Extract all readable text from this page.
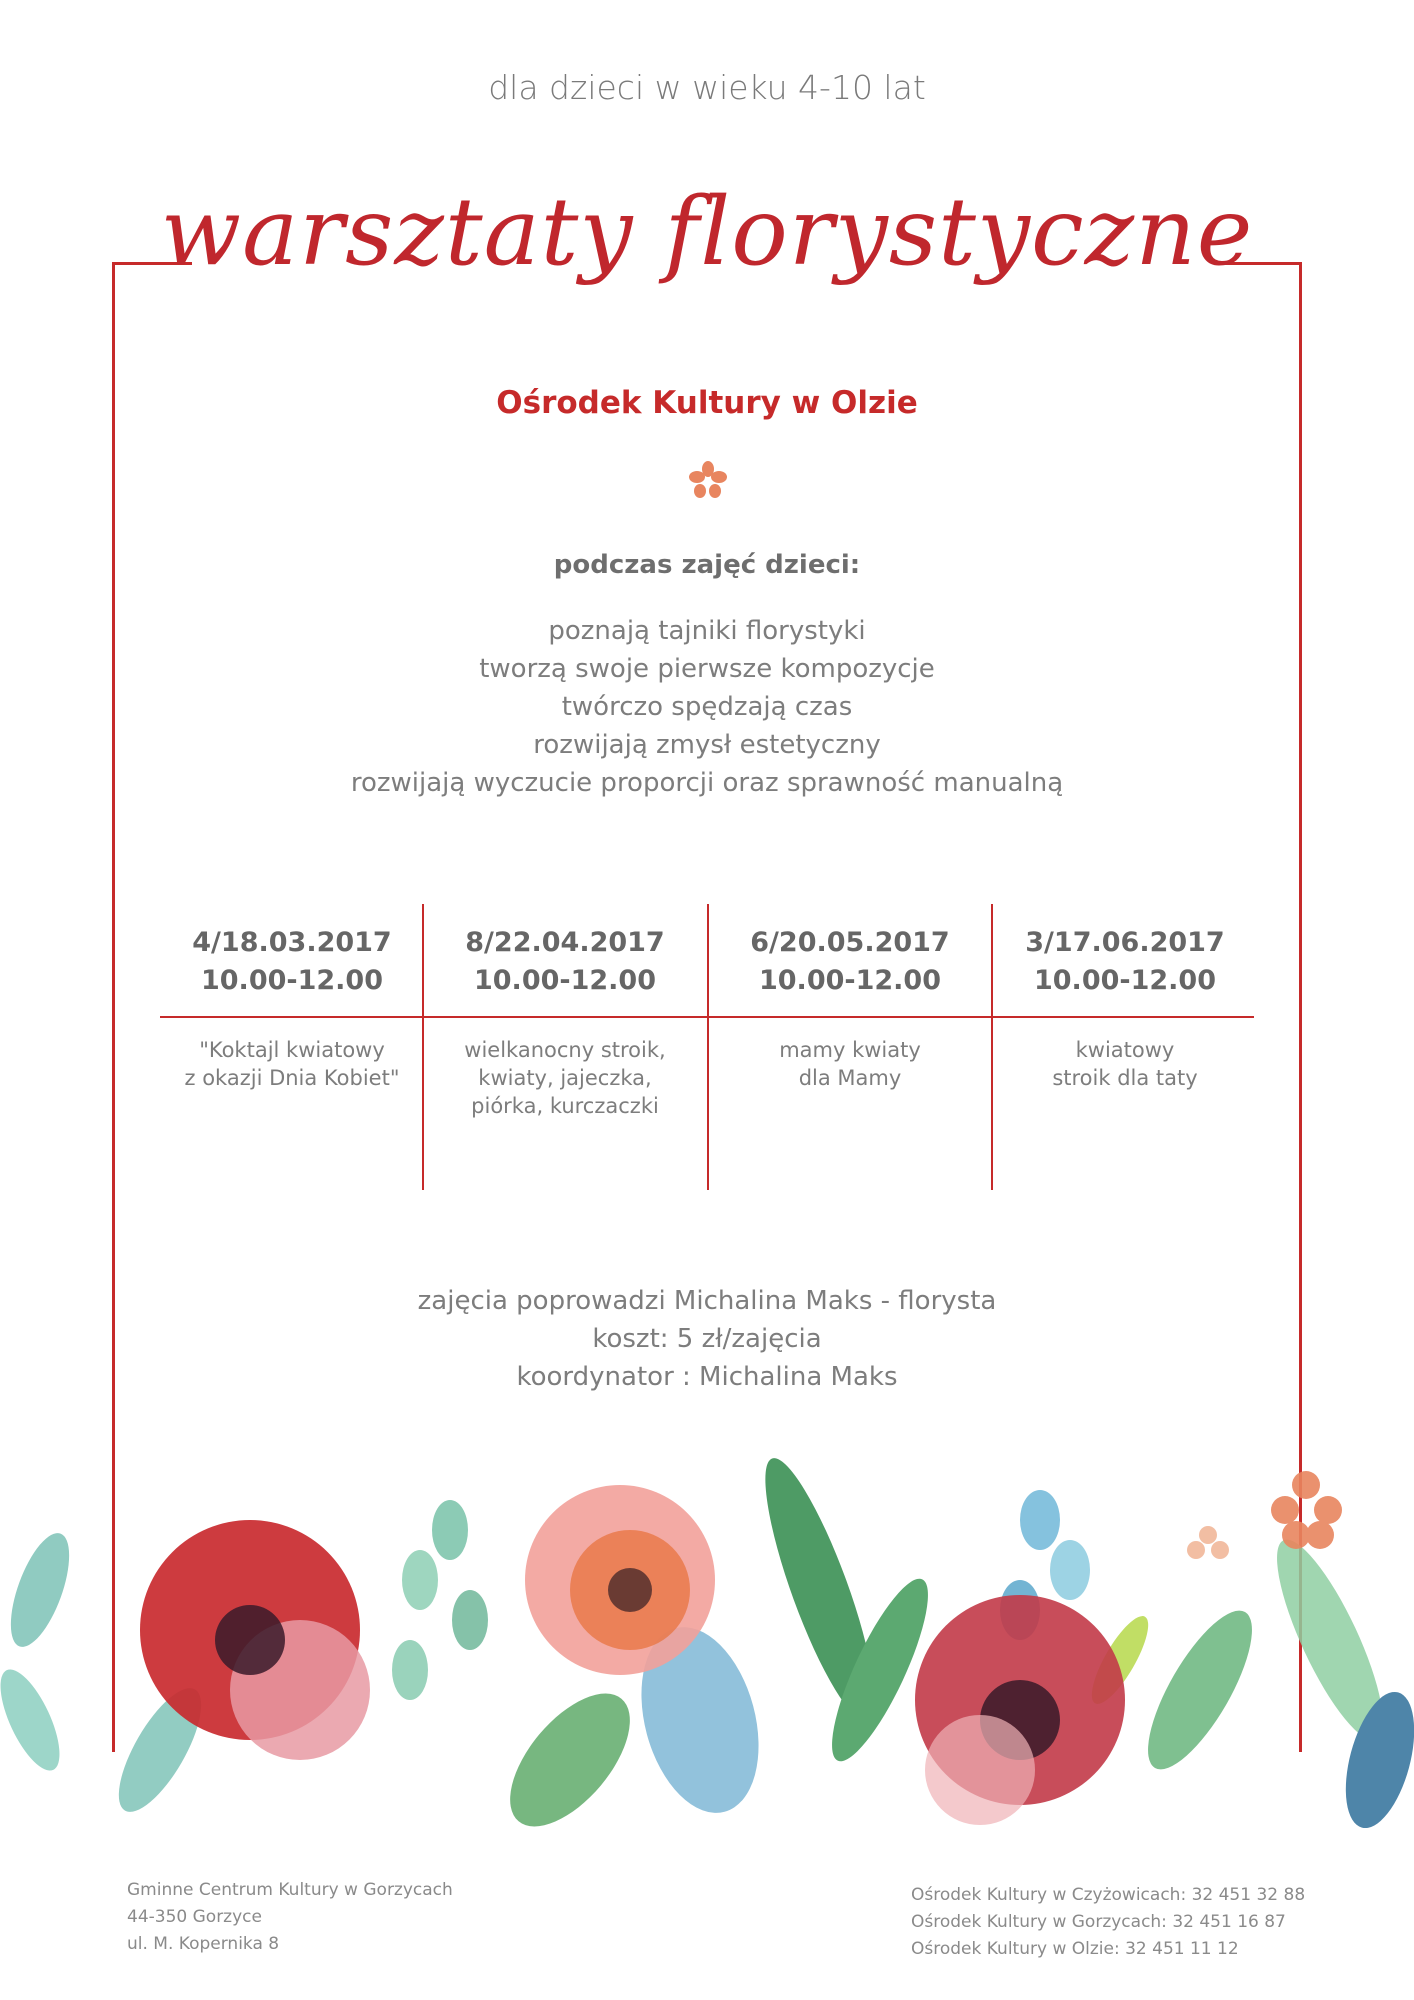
dla dzieci w wieku 4-10 lat
warsztaty florystyczne
Ośrodek Kultury w Olzie
podczas zajęć dzieci:
poznają tajniki florystyki
tworzą swoje pierwsze kompozycje
twórczo spędzają czas
rozwijają zmysł estetyczny
rozwijają wyczucie proporcji oraz sprawność manualną
4/18.03.2017
10.00-12.00
"Koktajl kwiatowy
z okazji Dnia Kobiet"
8/22.04.2017
10.00-12.00
wielkanocny stroik,
kwiaty, jajeczka,
piórka, kurczaczki
6/20.05.2017
10.00-12.00
mamy kwiaty
dla Mamy
3/17.06.2017
10.00-12.00
kwiatowy
stroik dla taty
zajęcia poprowadzi Michalina Maks - florysta
koszt: 5 zł/zajęcia
koordynator : Michalina Maks
Gminne Centrum Kultury w Gorzycach
44-350 Gorzyce
ul. M. Kopernika 8
Ośrodek Kultury w Czyżowicach: 32 451 32 88
Ośrodek Kultury w Gorzycach: 32 451 16 87
Ośrodek Kultury w Olzie: 32 451 11 12
